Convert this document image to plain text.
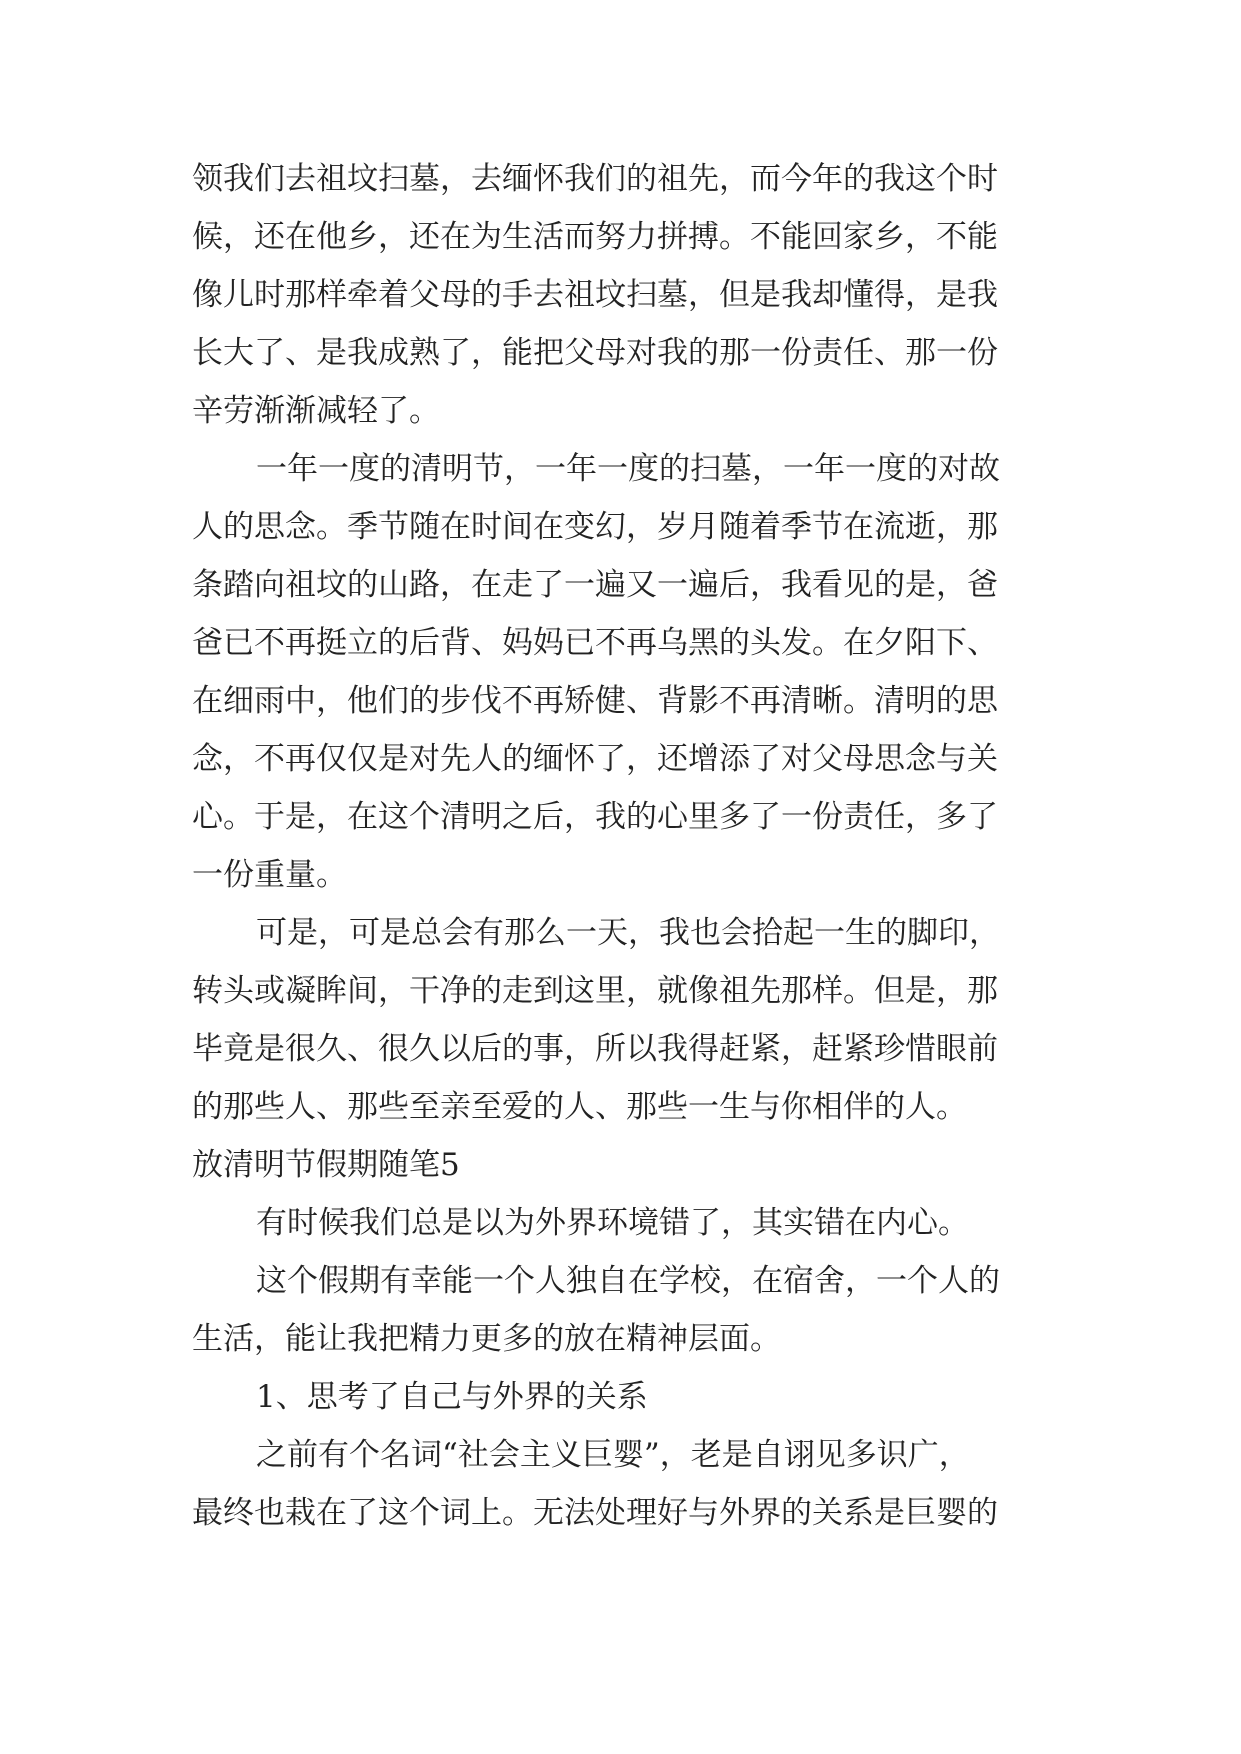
领我们去祖坟扫墓，去缅怀我们的祖先，而今年的我这个时
候，还在他乡，还在为生活而努力拼搏。不能回家乡，不能
像儿时那样牵着父母的手去祖坟扫墓，但是我却懂得，是我
长大了、是我成熟了，能把父母对我的那一份责任、那一份
辛劳渐渐减轻了。
一年一度的清明节，一年一度的扫墓，一年一度的对故
人的思念。季节随在时间在变幻，岁月随着季节在流逝，那
条踏向祖坟的山路，在走了一遍又一遍后，我看见的是，爸
爸已不再挺立的后背、妈妈已不再乌黑的头发。在夕阳下、
在细雨中，他们的步伐不再矫健、背影不再清晰。清明的思
念，不再仅仅是对先人的缅怀了，还增添了对父母思念与关
心。于是，在这个清明之后，我的心里多了一份责任，多了
一份重量。
可是，可是总会有那么一天，我也会拾起一生的脚印，
转头或凝眸间，干净的走到这里，就像祖先那样。但是，那
毕竟是很久、很久以后的事，所以我得赶紧，赶紧珍惜眼前
的那些人、那些至亲至爱的人、那些一生与你相伴的人。
放清明节假期随笔5
有时候我们总是以为外界环境错了，其实错在内心。
这个假期有幸能一个人独自在学校，在宿舍，一个人的
生活，能让我把精力更多的放在精神层面。
1、思考了自己与外界的关系
之前有个名词“社会主义巨婴”，老是自诩见多识广，
最终也栽在了这个词上。无法处理好与外界的关系是巨婴的
